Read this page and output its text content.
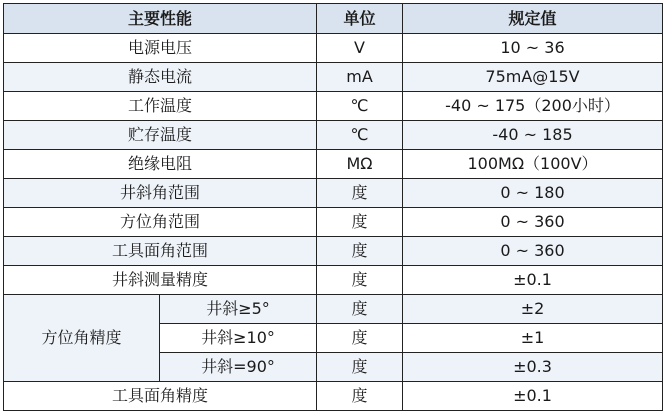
主要性能		单位	规定值
电源电压		V	10 ~ 36
静态电流		mA	75mA@15V
工作温度		℃	-40 ~ 175（200小时）
贮存温度		℃	-40 ~ 185
绝缘电阻		MΩ	100MΩ（100V）
井斜角范围		度	0 ~ 180
方位角范围		度	0 ~ 360
工具面角范围		度	0 ~ 360
井斜测量精度		度	±0.1
方位角精度	井斜≥5°	度	±2
	井斜≥10°	度	±1
	井斜=90°	度	±0.3
工具面角精度		度	±0.1
